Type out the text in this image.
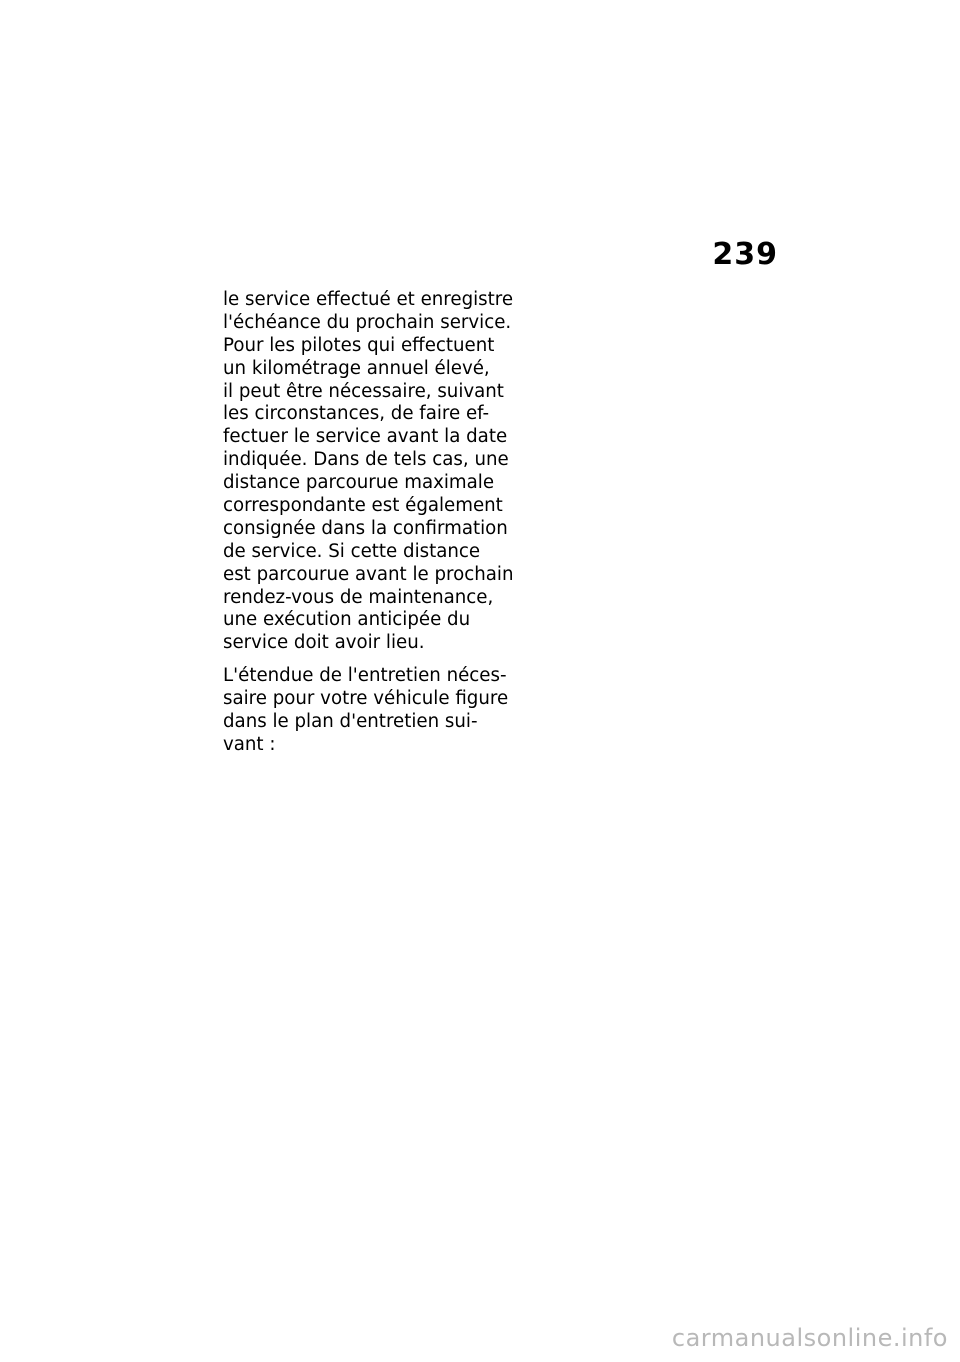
239

le service effectué et enregistre
l'échéance du prochain service.
Pour les pilotes qui effectuent
un kilométrage annuel élevé,
il peut être nécessaire, suivant
les circonstances, de faire ef-
fectuer le service avant la date
indiquée. Dans de tels cas, une
distance parcourue maximale
correspondante est également
consignée dans la confirmation
de service. Si cette distance
est parcourue avant le prochain
rendez-vous de maintenance,
une exécution anticipée du
service doit avoir lieu.

L'étendue de l'entretien néces-
saire pour votre véhicule figure
dans le plan d'entretien sui-
vant :

carmanualsonline.info
